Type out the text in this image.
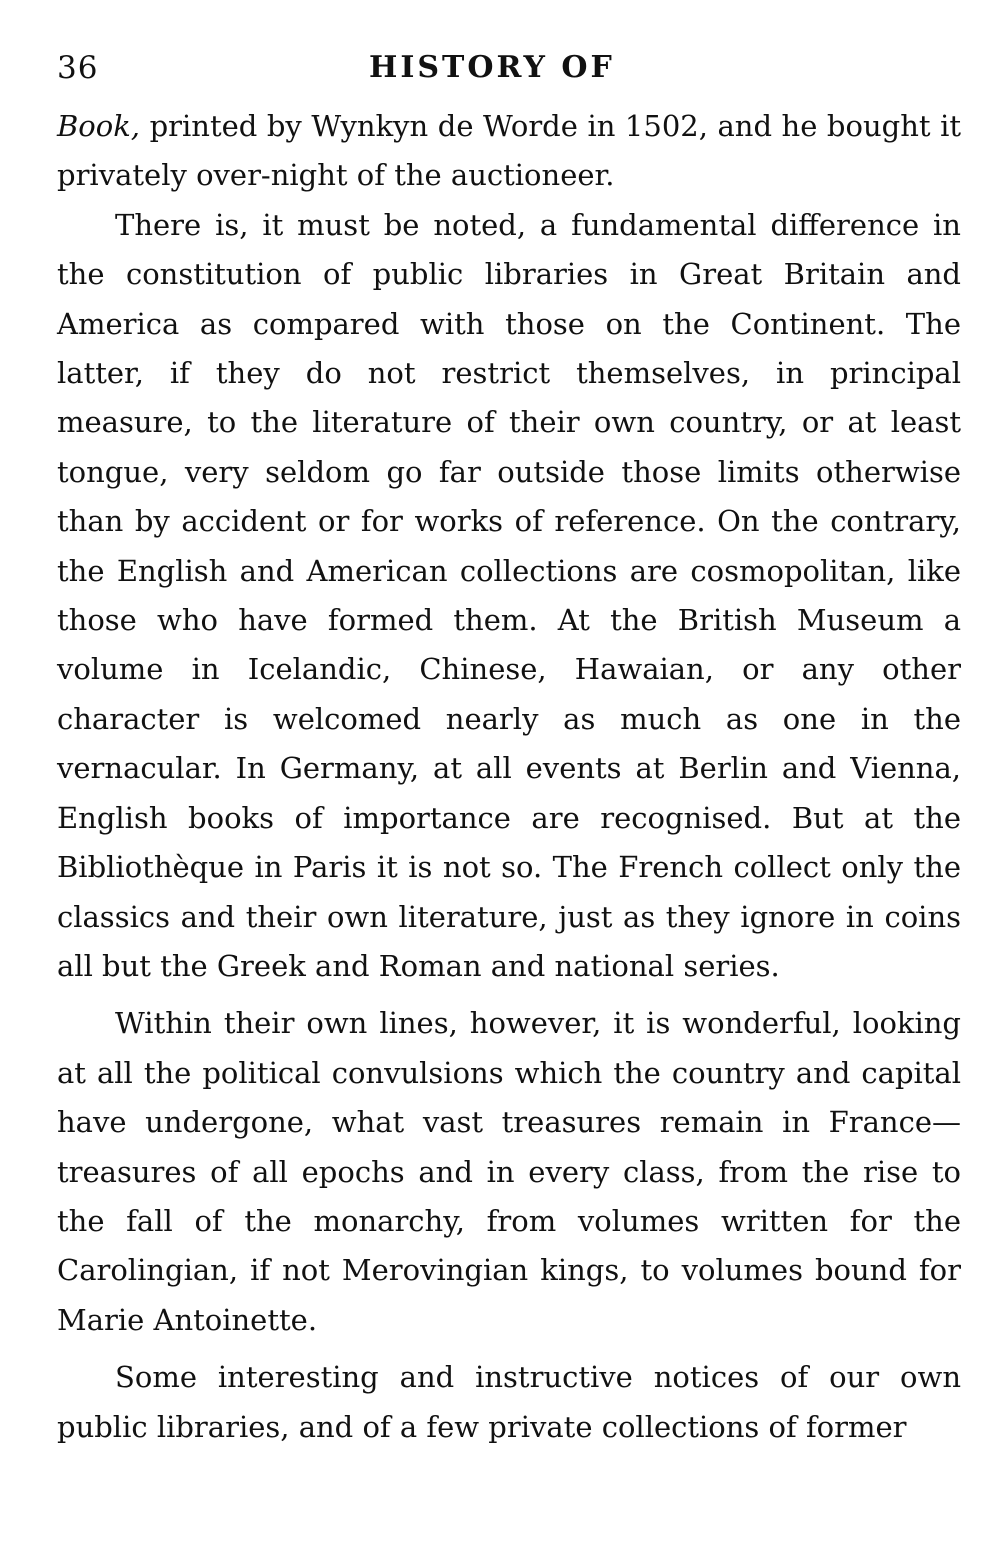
36	HISTORY OF

Book, printed by Wynkyn de Worde in 1502, and he bought it privately over-night of the auctioneer.

There is, it must be noted, a fundamental difference in the constitution of public libraries in Great Britain and America as compared with those on the Continent. The latter, if they do not restrict themselves, in principal measure, to the literature of their own country, or at least tongue, very seldom go far outside those limits otherwise than by accident or for works of reference. On the contrary, the English and American collections are cosmopolitan, like those who have formed them. At the British Museum a volume in Icelandic, Chinese, Hawaian, or any other character is welcomed nearly as much as one in the vernacular. In Germany, at all events at Berlin and Vienna, English books of importance are recognised. But at the Bibliothèque in Paris it is not so. The French collect only the classics and their own literature, just as they ignore in coins all but the Greek and Roman and national series.

Within their own lines, however, it is wonderful, looking at all the political convulsions which the country and capital have undergone, what vast treasures remain in France—treasures of all epochs and in every class, from the rise to the fall of the monarchy, from volumes written for the Carolingian, if not Merovingian kings, to volumes bound for Marie Antoinette.

Some interesting and instructive notices of our own public libraries, and of a few private collections of former
